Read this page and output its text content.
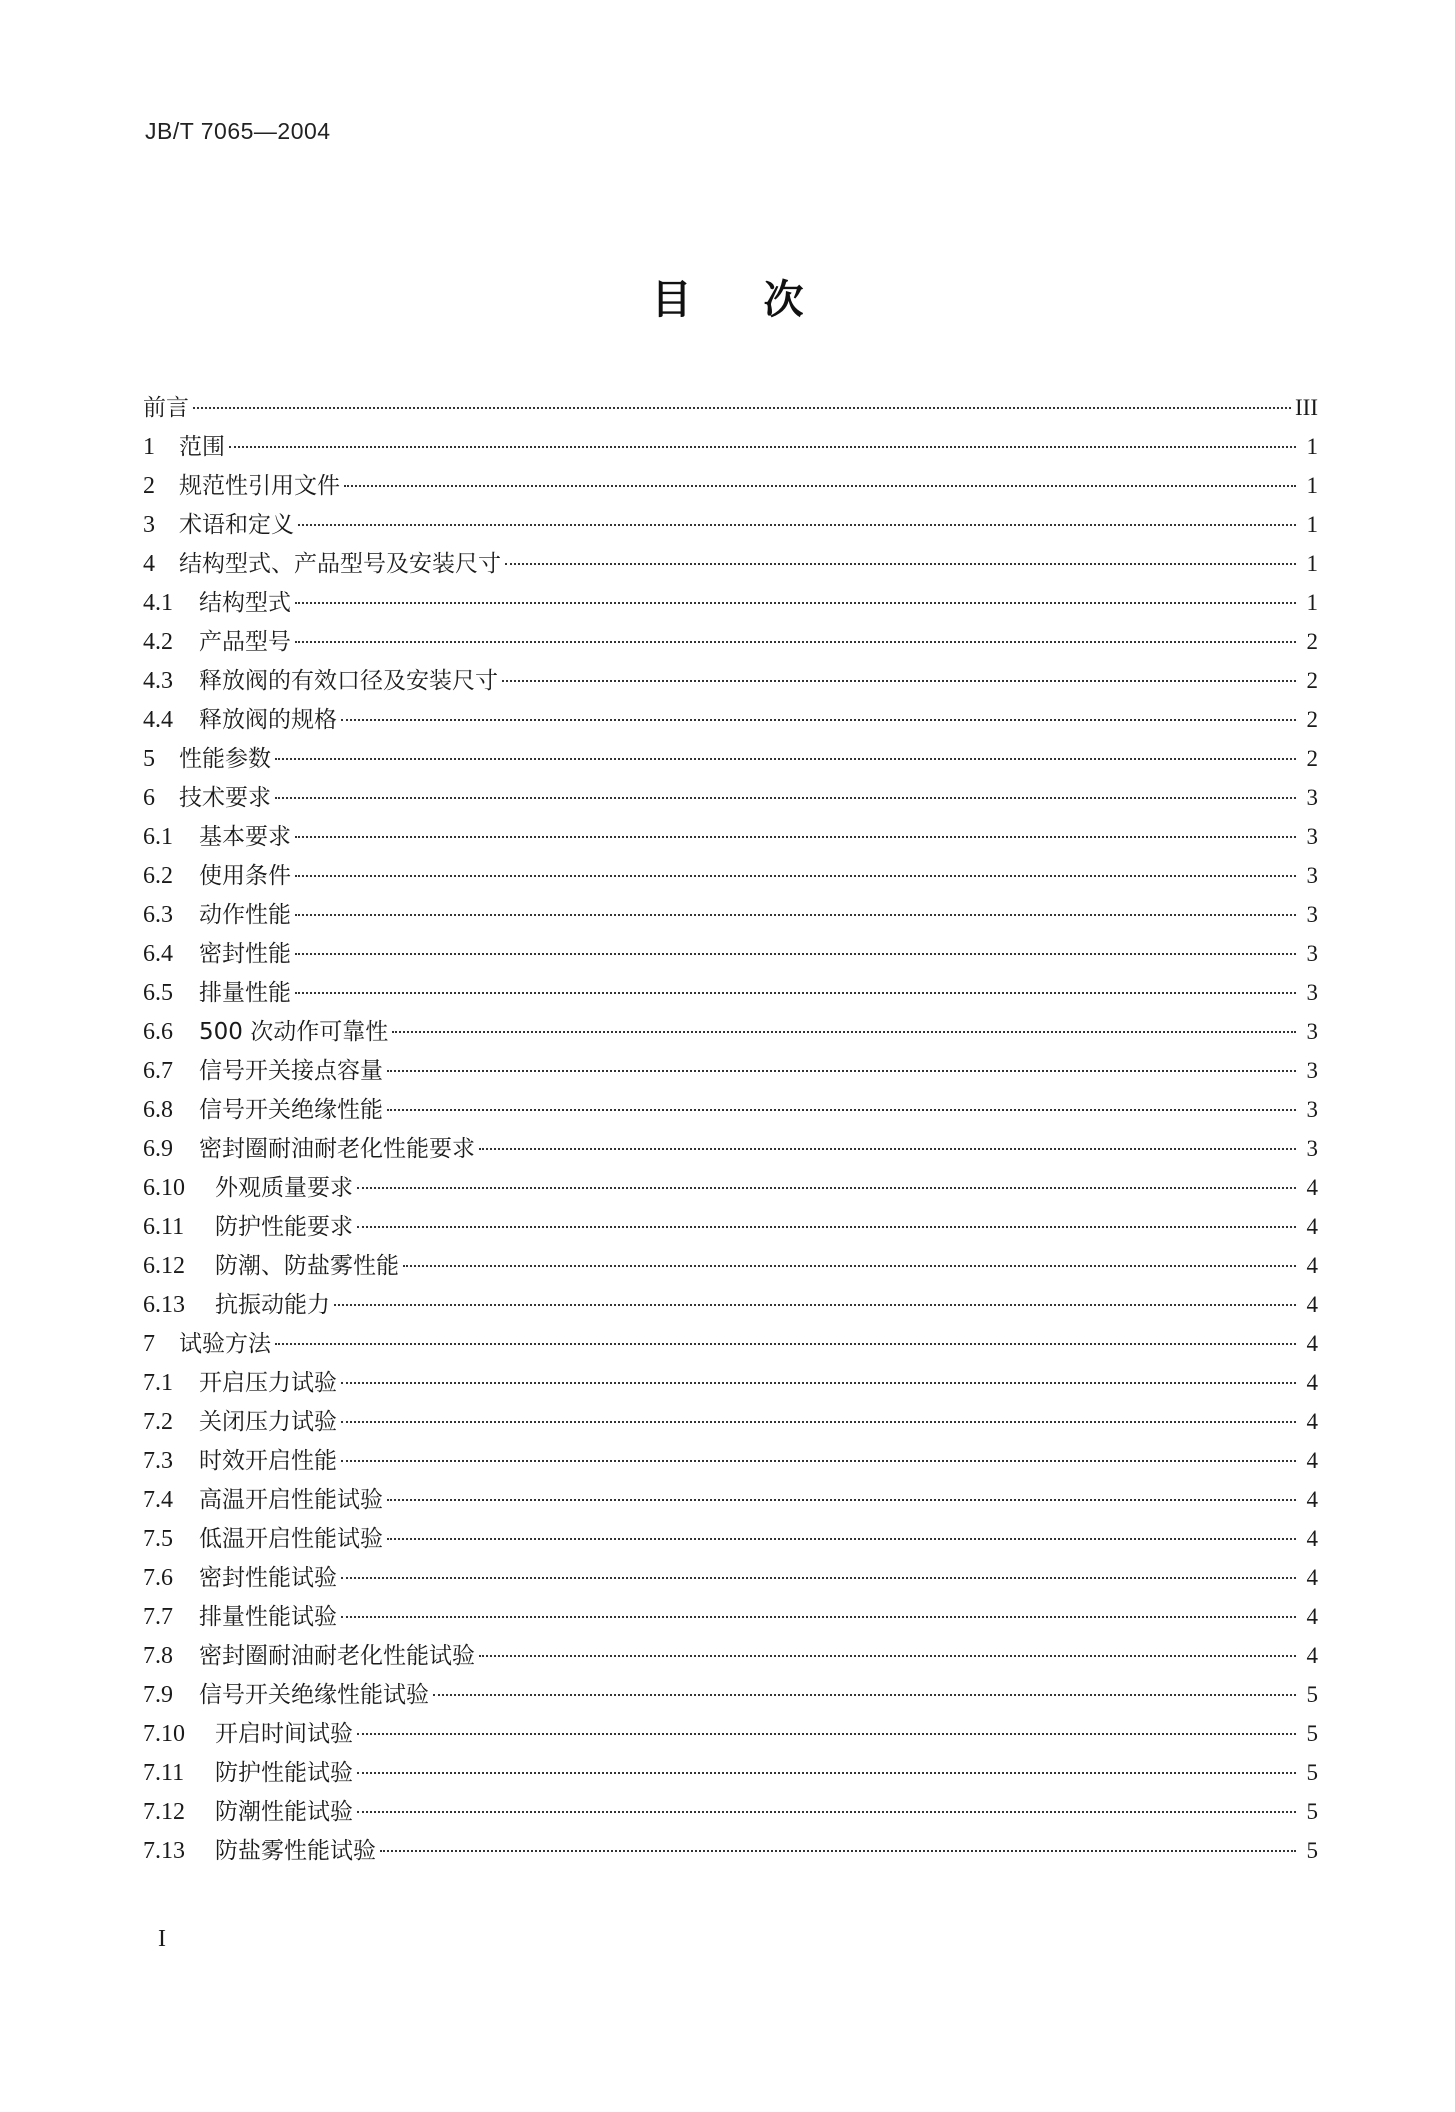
JB/T 7065—2004
目次
前言	III
1	范围	1
2	规范性引用文件	1
3	术语和定义	1
4	结构型式、产品型号及安装尺寸	1
4.1	结构型式	1
4.2	产品型号	2
4.3	释放阀的有效口径及安装尺寸	2
4.4	释放阀的规格	2
5	性能参数	2
6	技术要求	3
6.1	基本要求	3
6.2	使用条件	3
6.3	动作性能	3
6.4	密封性能	3
6.5	排量性能	3
6.6	500 次动作可靠性	3
6.7	信号开关接点容量	3
6.8	信号开关绝缘性能	3
6.9	密封圈耐油耐老化性能要求	3
6.10	外观质量要求	4
6.11	防护性能要求	4
6.12	防潮、防盐雾性能	4
6.13	抗振动能力	4
7	试验方法	4
7.1	开启压力试验	4
7.2	关闭压力试验	4
7.3	时效开启性能	4
7.4	高温开启性能试验	4
7.5	低温开启性能试验	4
7.6	密封性能试验	4
7.7	排量性能试验	4
7.8	密封圈耐油耐老化性能试验	4
7.9	信号开关绝缘性能试验	5
7.10	开启时间试验	5
7.11	防护性能试验	5
7.12	防潮性能试验	5
7.13	防盐雾性能试验	5
I
